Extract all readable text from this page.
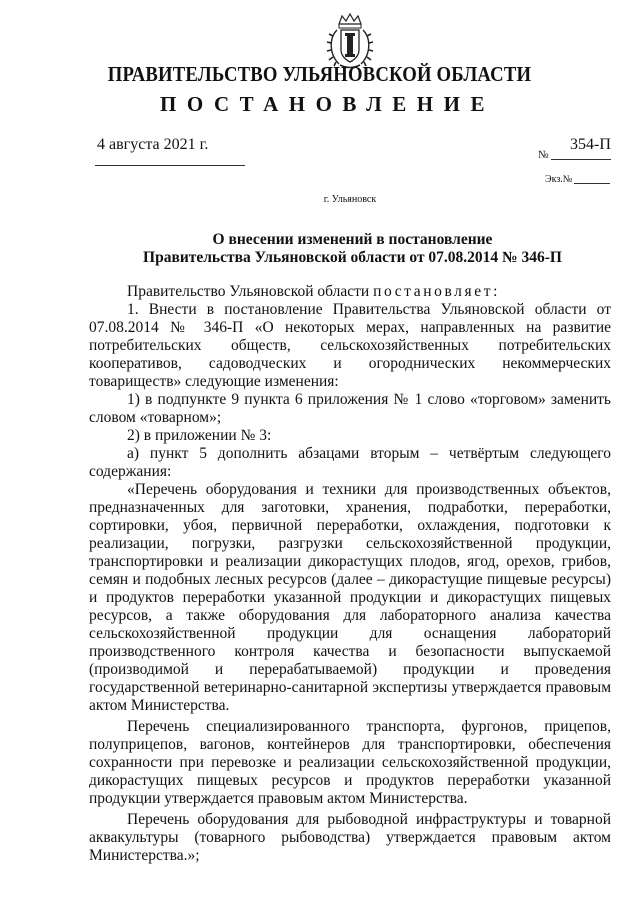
ПРАВИТЕЛЬСТВО УЛЬЯНОВСКОЙ ОБЛАСТИ
ПОСТАНОВЛЕНИЕ
4 августа 2021 г.
№
354-П
Экз.№
г. Ульяновск
О внесении изменений в постановление
Правительства Ульяновской области от 07.08.2014 № 346-П

Правительство Ульяновской области постановляет:

1. Внести в постановление Правительства Ульяновской области от 07.08.2014 № 346-П «О некоторых мерах, направленных на развитие потребительских обществ, сельскохозяйственных потребительских кооперативов, садоводческих и огороднических некоммерческих товариществ» следующие изменения:

1) в подпункте 9 пункта 6 приложения № 1 слово «торговом» заменить словом «товарном»;

2) в приложении № 3:

а) пункт 5 дополнить абзацами вторым – четвёртым следующего содержания:

«Перечень оборудования и техники для производственных объектов, предназначенных для заготовки, хранения, подработки, переработки, сортировки, убоя, первичной переработки, охлаждения, подготовки к реализации, погрузки, разгрузки сельскохозяйственной продукции, транспортировки и реализации дикорастущих плодов, ягод, орехов, грибов, семян и подобных лесных ресурсов (далее – дикорастущие пищевые ресурсы) и продуктов переработки указанной продукции и дикорастущих пищевых ресурсов, а также оборудования для лабораторного анализа качества сельскохозяйственной продукции для оснащения лабораторий производственного контроля качества и безопасности выпускаемой (производимой и перерабатываемой) продукции и проведения государственной ветеринарно-санитарной экспертизы утверждается правовым актом Министерства.

Перечень специализированного транспорта, фургонов, прицепов, полуприцепов, вагонов, контейнеров для транспортировки, обеспечения сохранности при перевозке и реализации сельскохозяйственной продукции, дикорастущих пищевых ресурсов и продуктов переработки указанной продукции утверждается правовым актом Министерства.

Перечень оборудования для рыбоводной инфраструктуры и товарной аквакультуры (товарного рыбоводства) утверждается правовым актом Министерства.»;
